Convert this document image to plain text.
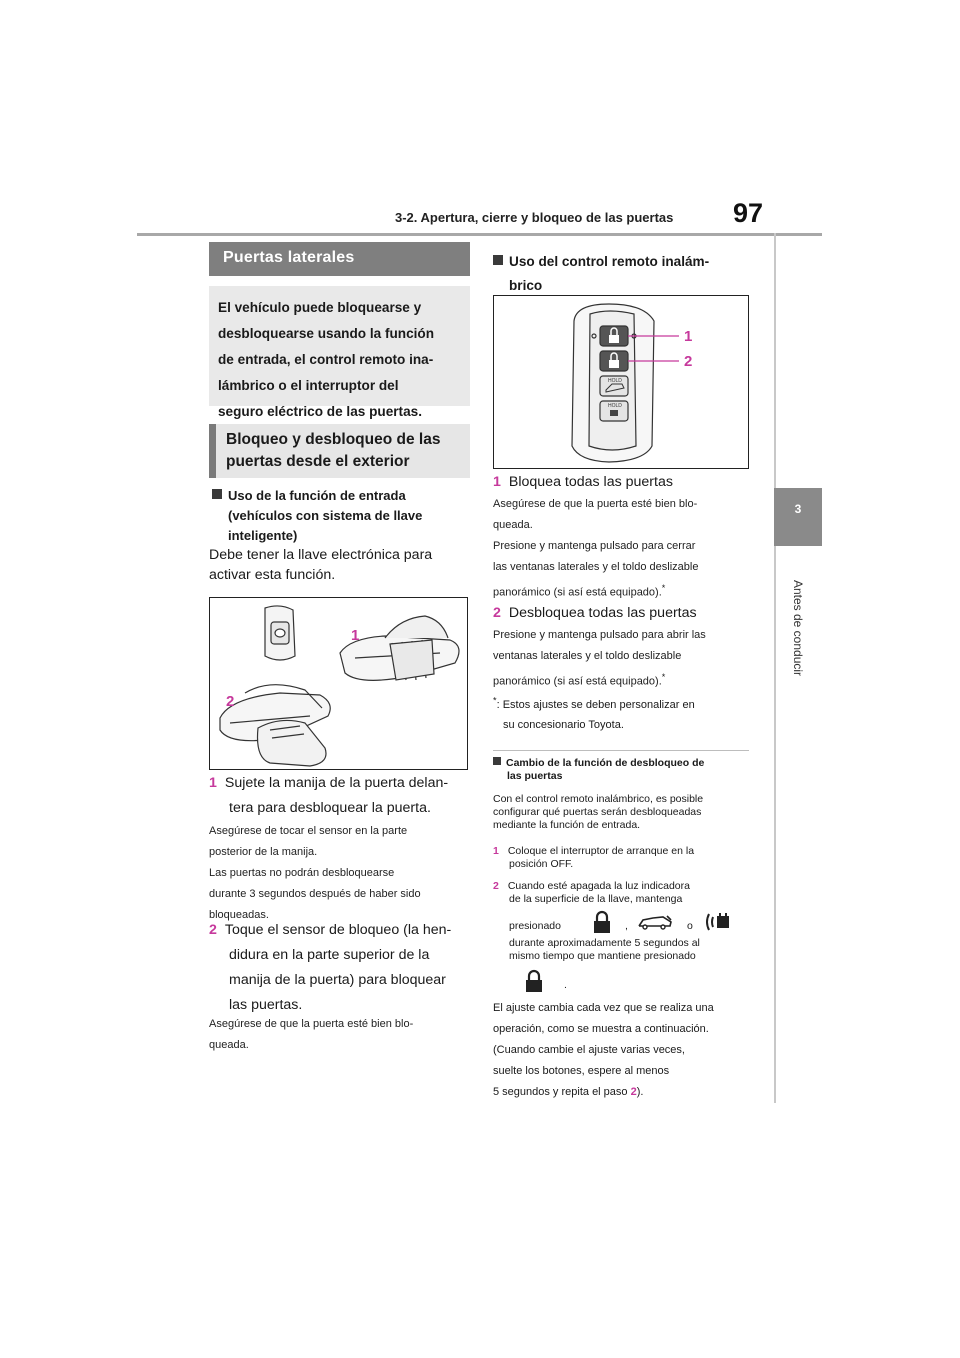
3-2. Apertura, cierre y bloqueo de las puertas 97
3
Antes de conducir
Puertas laterales
El vehículo puede bloquearse y
desbloquearse usando la función
de entrada, el control remoto ina-
lámbrico o el interruptor del
seguro eléctrico de las puertas.
Bloqueo y desbloqueo de las
puertas desde el exterior
Uso de la función de entrada
(vehículos con sistema de llave
inteligente)
Debe tener la llave electrónica para
activar esta función.
1
2
1 Sujete la manija de la puerta delan-
tera para desbloquear la puerta.
Asegúrese de tocar el sensor en la parte
posterior de la manija.
Las puertas no podrán desbloquearse
durante 3 segundos después de haber sido
bloqueadas.
2 Toque el sensor de bloqueo (la hen-
didura en la parte superior de la
manija de la puerta) para bloquear
las puertas.
Asegúrese de que la puerta esté bien blo-
queada.
Uso del control remoto inalám-
brico
HOLD
HOLD
1
2
1 Bloquea todas las puertas
Asegúrese de que la puerta esté bien blo-
queada.
Presione y mantenga pulsado para cerrar
las ventanas laterales y el toldo deslizable
panorámico (si así está equipado).*
2 Desbloquea todas las puertas
Presione y mantenga pulsado para abrir las
ventanas laterales y el toldo deslizable
panorámico (si así está equipado).*
*: Estos ajustes se deben personalizar en
su concesionario Toyota.
Cambio de la función de desbloqueo de
las puertas
Con el control remoto inalámbrico, es posible
configurar qué puertas serán desbloqueadas
mediante la función de entrada.
1 Coloque el interruptor de arranque en la
posición OFF.
2 Cuando esté apagada la luz indicadora
de la superficie de la llave, mantenga
presionado	,	o
durante aproximadamente 5 segundos al
mismo tiempo que mantiene presionado
.
El ajuste cambia cada vez que se realiza una
operación, como se muestra a continuación.
(Cuando cambie el ajuste varias veces,
suelte los botones, espere al menos
5 segundos y repita el paso 2).
